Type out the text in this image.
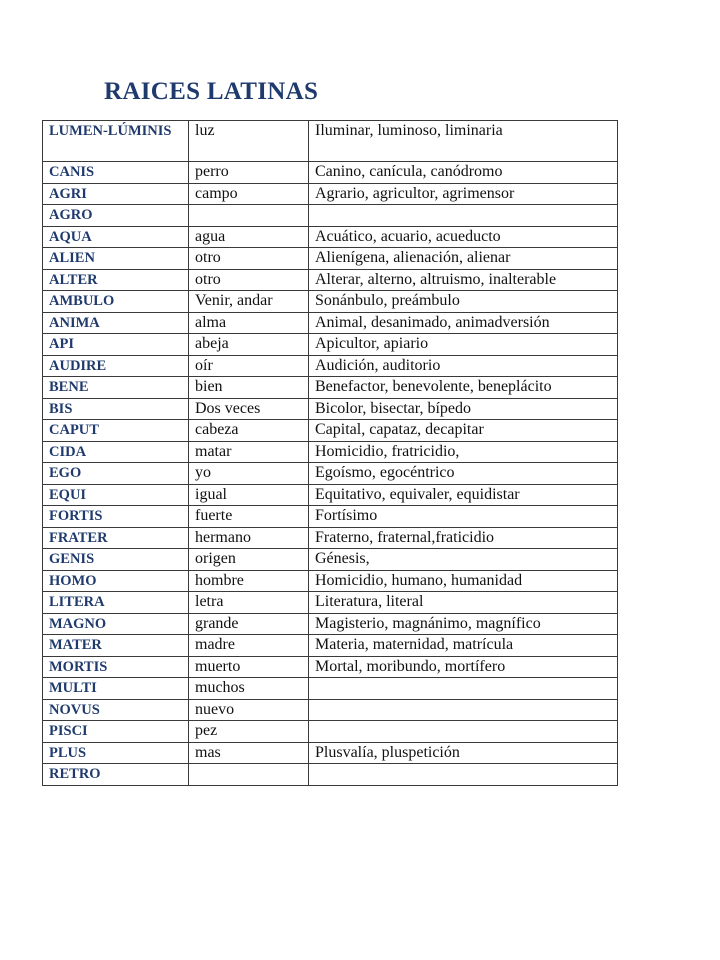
RAICES LATINAS
LUMEN-LÚMINIS	luz	Iluminar, luminoso, liminaria
CANIS	perro	Canino, canícula, canódromo
AGRI	campo	Agrario, agricultor, agrimensor
AGRO		
AQUA	agua	Acuático, acuario, acueducto
ALIEN	otro	Alienígena, alienación, alienar
ALTER	otro	Alterar, alterno, altruismo, inalterable
AMBULO	Venir, andar	Sonánbulo, preámbulo
ANIMA	alma	Animal, desanimado, animadversión
API	abeja	Apicultor, apiario
AUDIRE	oír	Audición, auditorio
BENE	bien	Benefactor, benevolente, beneplácito
BIS	Dos veces	Bicolor, bisectar, bípedo
CAPUT	cabeza	Capital, capataz, decapitar
CIDA	matar	Homicidio, fratricidio,
EGO	yo	Egoísmo, egocéntrico
EQUI	igual	Equitativo, equivaler, equidistar
FORTIS	fuerte	Fortísimo
FRATER	hermano	Fraterno, fraternal,fraticidio
GENIS	origen	Génesis,
HOMO	hombre	Homicidio, humano, humanidad
LITERA	letra	Literatura, literal
MAGNO	grande	Magisterio, magnánimo, magnífico
MATER	madre	Materia, maternidad, matrícula
MORTIS	muerto	Mortal, moribundo, mortífero
MULTI	muchos	
NOVUS	nuevo	
PISCI	pez	
PLUS	mas	Plusvalía, pluspetición
RETRO		
